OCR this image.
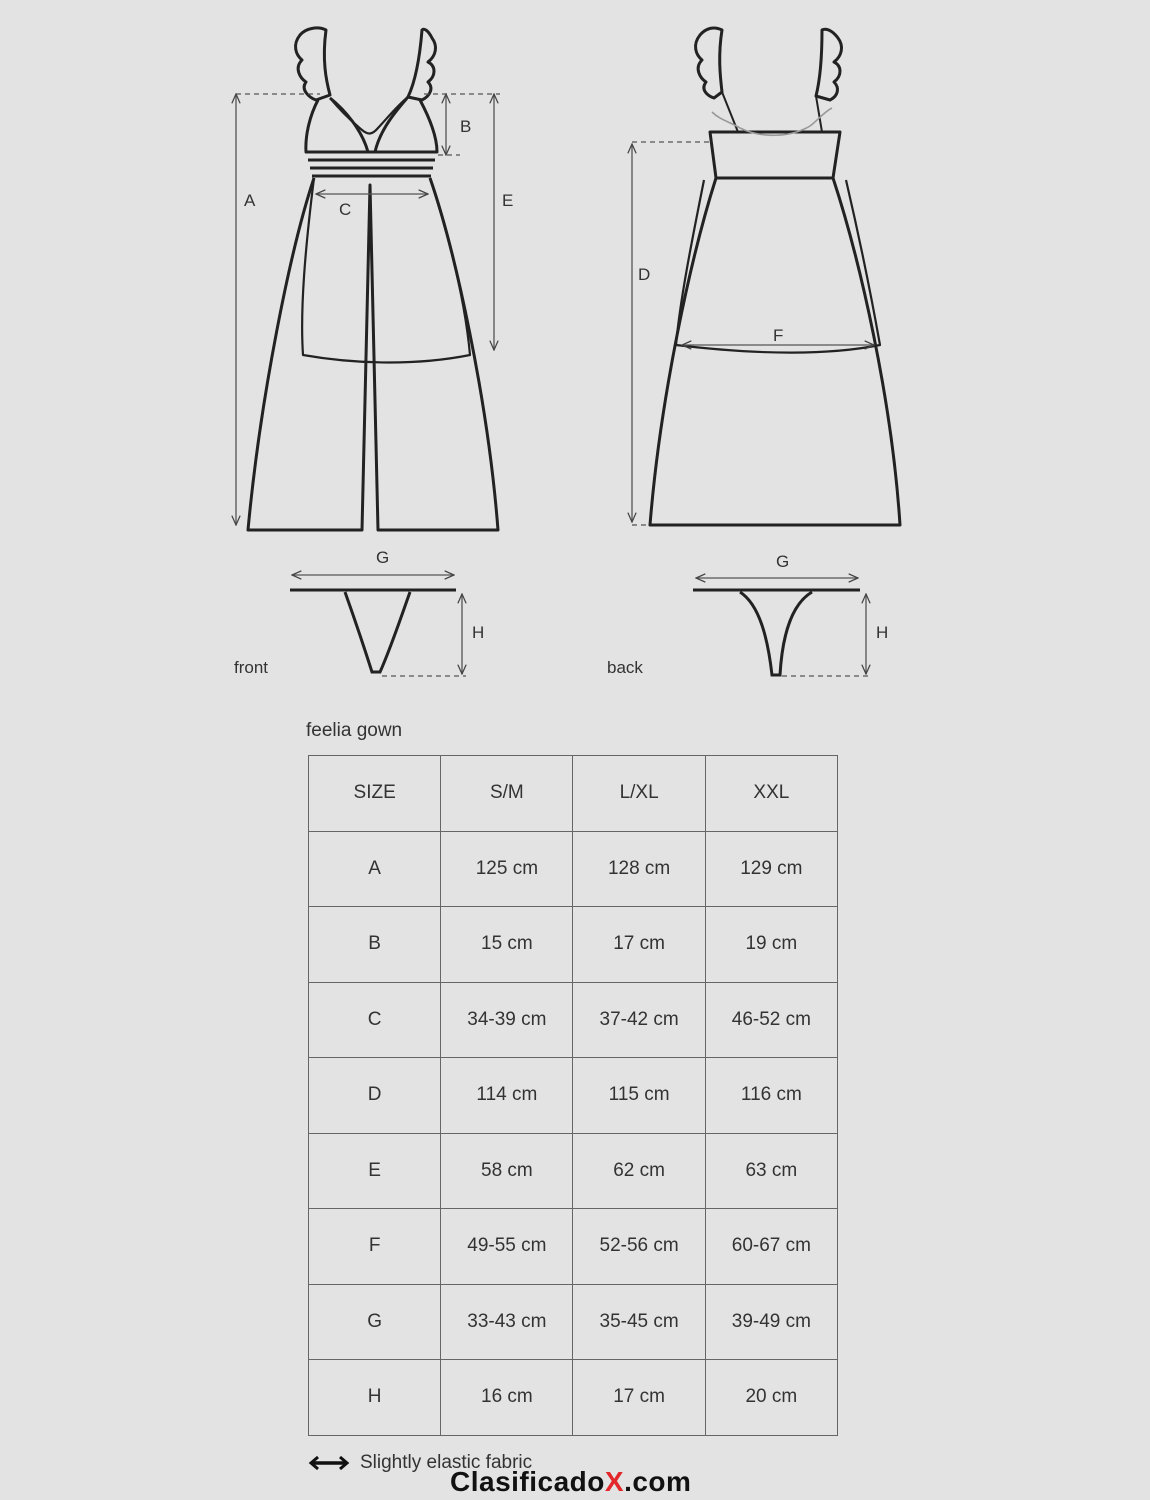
A
B
C	E
G
H
front
D
F
G
H
back
feelia gown
SIZE	S/M	L/XL	XXL
A	125 cm	128 cm	129 cm
B	15 cm	17 cm	19 cm
C	34-39 cm	37-42 cm	46-52 cm
D	114 cm	115 cm	116 cm
E	58 cm	62 cm	63 cm
F	49-55 cm	52-56 cm	60-67 cm
G	33-43 cm	35-45 cm	39-49 cm
H	16 cm	17 cm	20 cm
Slightly elastic fabric
ClasificadoX.com
